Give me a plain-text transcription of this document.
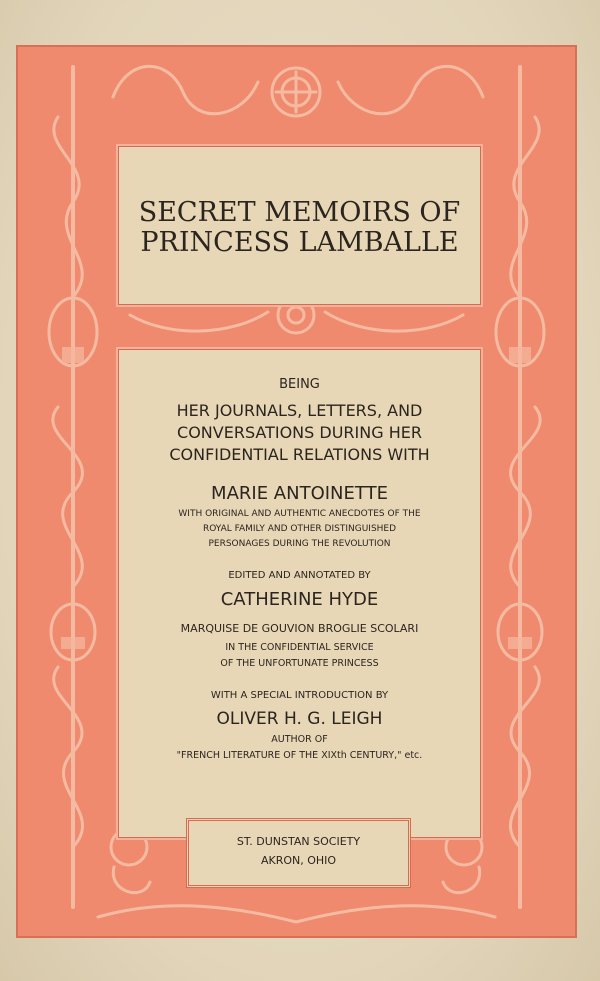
SECRET MEMOIRS OF
PRINCESS LAMBALLE
BEING
HER JOURNALS, LETTERS, AND
CONVERSATIONS DURING HER
CONFIDENTIAL RELATIONS WITH
MARIE ANTOINETTE
WITH ORIGINAL AND AUTHENTIC ANECDOTES OF THE
ROYAL FAMILY AND OTHER DISTINGUISHED
PERSONAGES DURING THE REVOLUTION
EDITED AND ANNOTATED BY
CATHERINE HYDE
MARQUISE DE GOUVION BROGLIE SCOLARI
IN THE CONFIDENTIAL SERVICE
OF THE UNFORTUNATE PRINCESS
WITH A SPECIAL INTRODUCTION BY
OLIVER H. G. LEIGH
AUTHOR OF
"FRENCH LITERATURE OF THE XIXth CENTURY," etc.
ST. DUNSTAN SOCIETY
AKRON, OHIO
